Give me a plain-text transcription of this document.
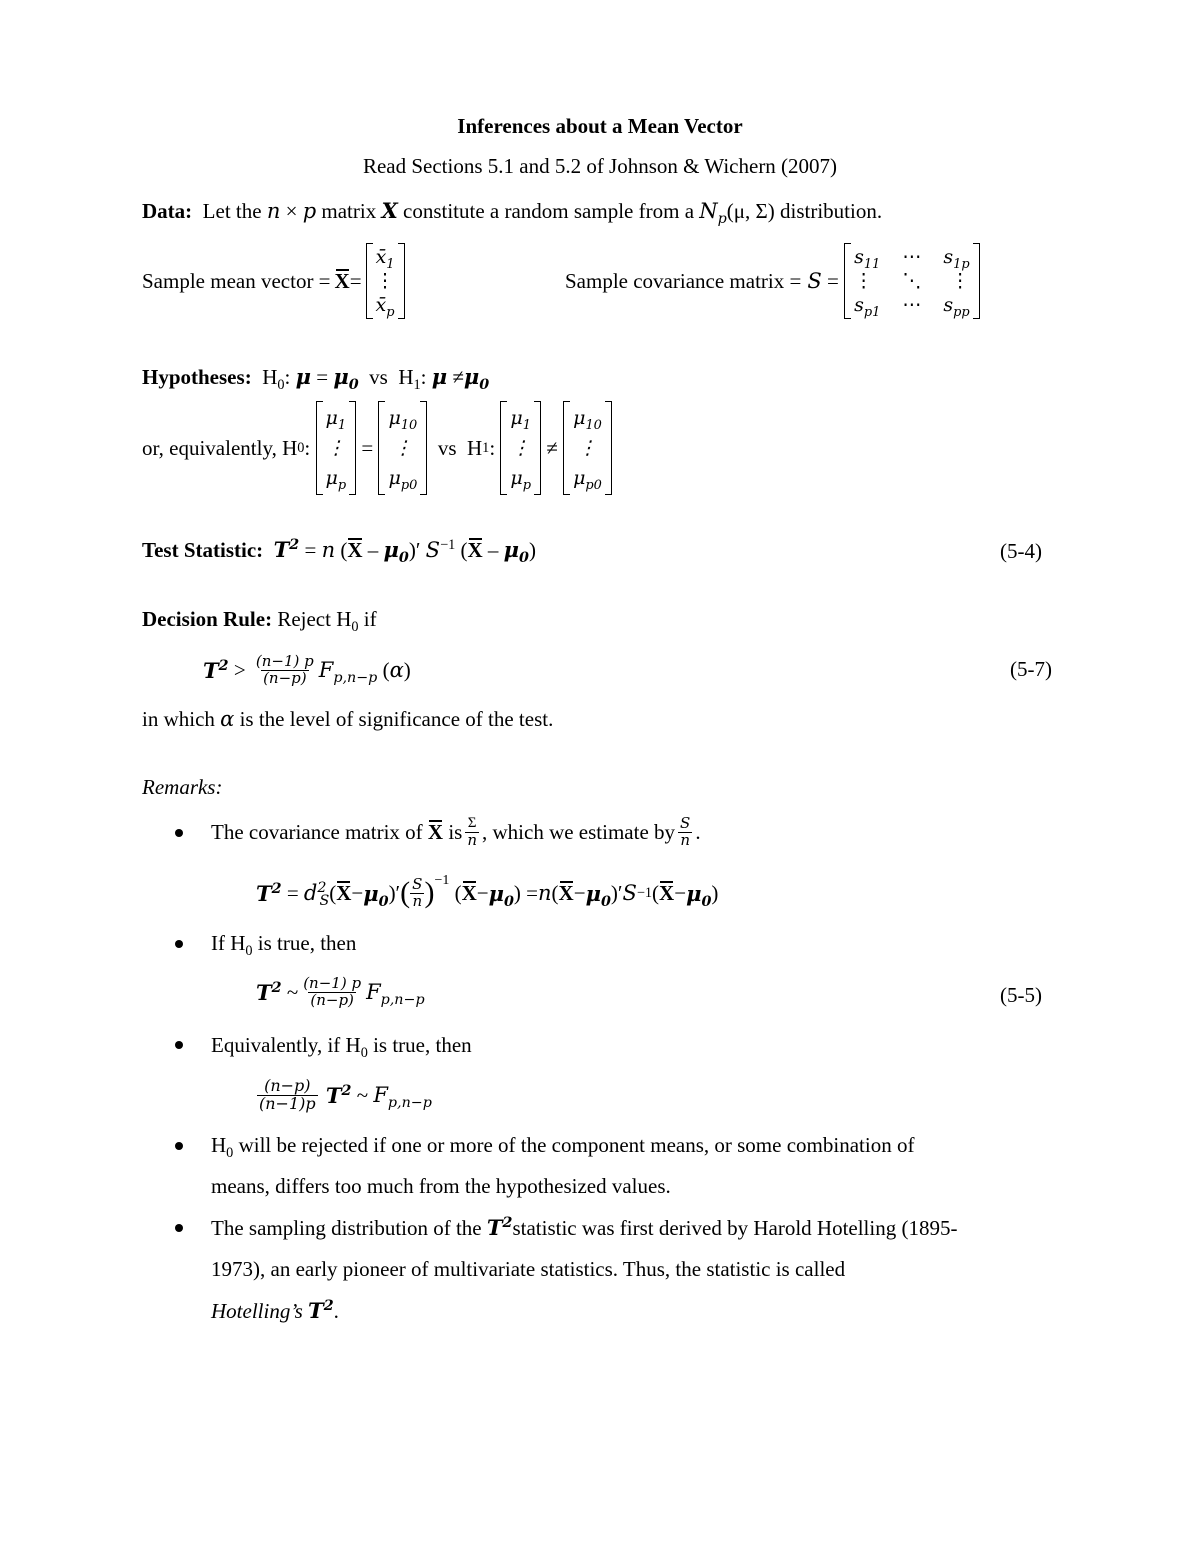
Inferences about a Mean Vector
Read Sections 5.1 and 5.2 of Johnson & Wichern (2007)
Data: Let the n × p matrix X constitute a random sample from a $N_p(\mu$, Σ) distribution.
Sample mean vector = X =
$x̄_1$
⋮
$x̄_p$
Sample covariance matrix = S =
$s_{11}$ ⋯ $s_{1p}$
⋮ ⋱ ⋮
$s_{p1}$ ⋯ $s_{pp}$
Hypotheses:  $H_0$: $\mu = \mu_0$ vs  $H_1$: $\mu \ne\mu_0$
or, equivalently, H 0 :
$\mu_1$
⋮
$\mu_p$
=
$\mu_{10}$
⋮
$\mu_{p0}$

vs H 1 :
$\mu_1$
⋮
$\mu_p$
≠
$\mu_{10}$
⋮
$\mu_{p0}$
Test Statistic: $T^2 = n$ $(X - \mu_0)'$ $S^{-1}$ $(X - \mu_0)$	(5-4)
Decision Rule: Reject $H_0$ if
$T^2 > \frac{(n-1) p}{(n-p)} F_{p,n-p}$ ( α )	(5-7)
in which α is the level of significance of the test.
Remarks:
The covariance matrix of
X
is $\frac{\Sigma}{n}$ , which we estimate by $\frac{S}{n}$ .
$T^2 = d^2_S$ ( $X - \mu_0$ )′ ( $\frac{S}{n} )^{-1}$ ( $X - \mu_0$ ) = n ( $X - \mu_0$ )′ S −1 ( $X - \mu_0$ )
If $H_0$ is true, then
$T^2$ ~ $\frac{(n-1) p}{(n-p)} F_{p,n-p}$	(5-5)
Equivalently, if $H_0$ is true, then
$\frac{(n-p)}{(n-1)p}$
$T^2$ ~ $F_{p,n-p}$
$H_0$ will be rejected if one or more of the component means, or some combination of
means, differs too much from the hypothesized values.
The sampling distribution of the $T^2statistic$ was first derived by Harold Hotelling (1895-
1973), an early pioneer of multivariate statistics. Thus, the statistic is called
Hotelling’s $T^2$.
